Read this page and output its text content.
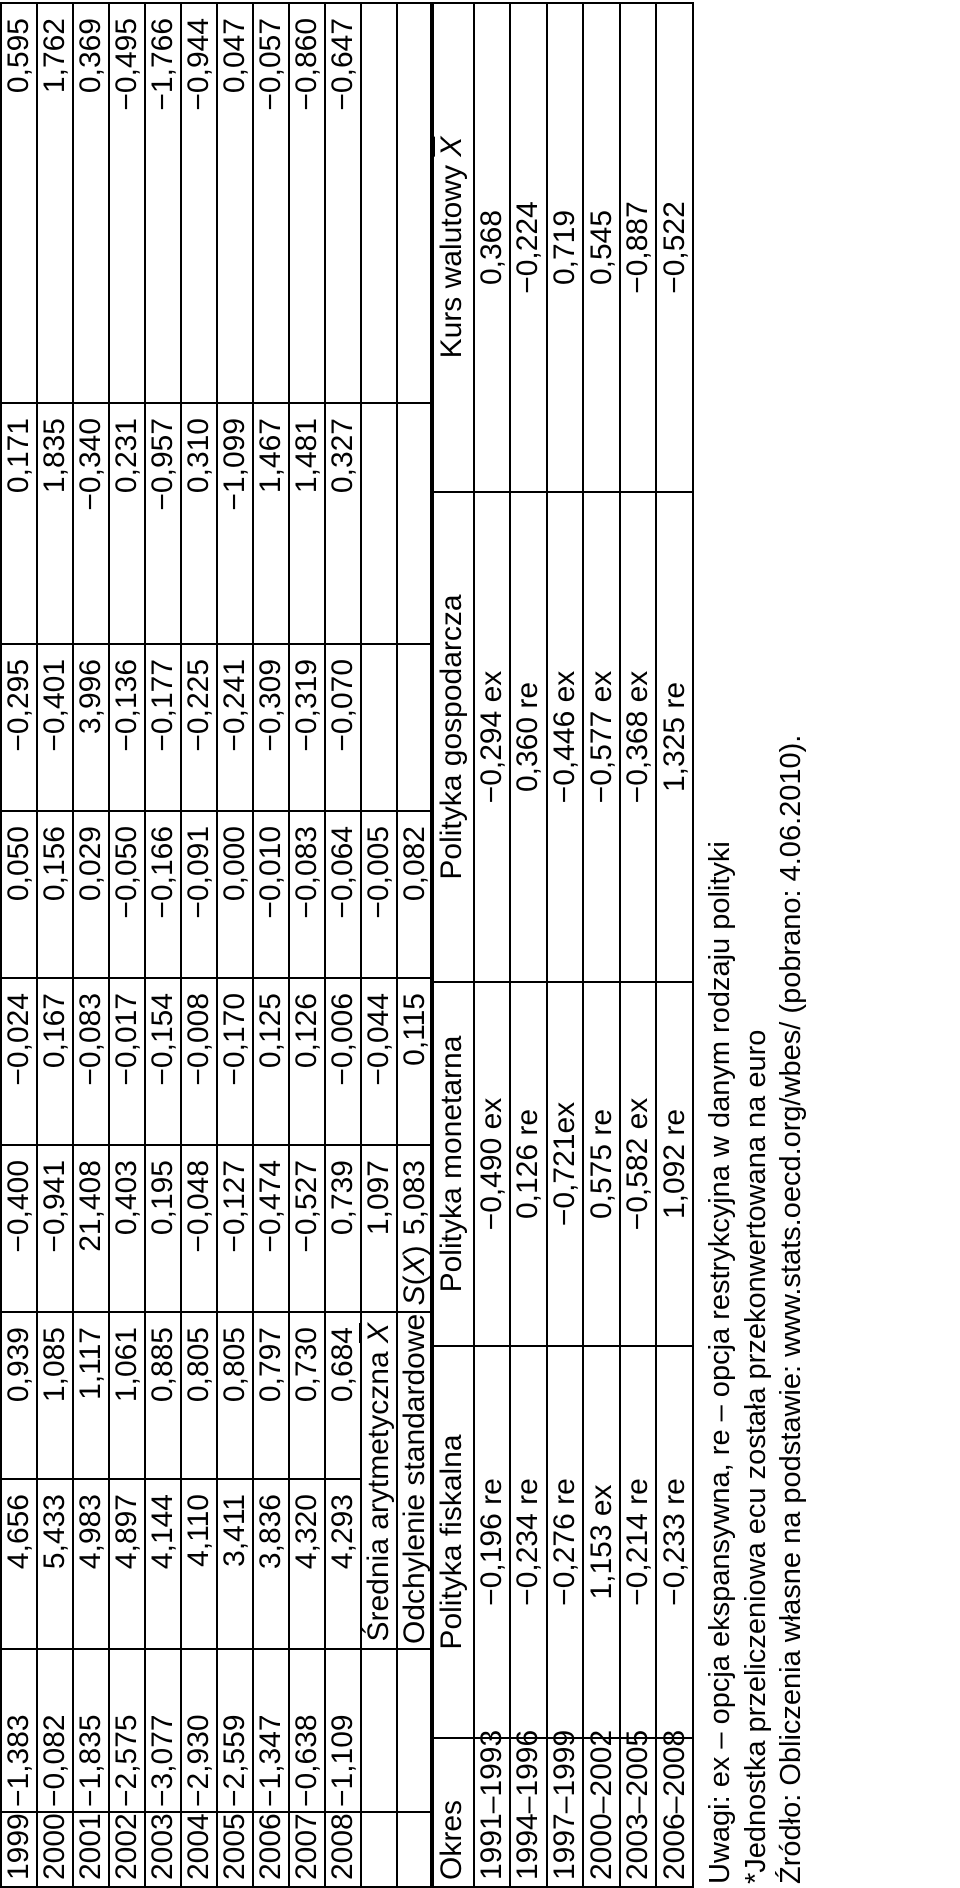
1999	−1,383	4,656	0,939	−0,400	−0,024	0,050	−0,295	0,171	0,595
2000	−0,082	5,433	1,085	−0,941	0,167	0,156	−0,401	1,835	1,762
2001	−1,835	4,983	1,117	21,408	−0,083	0,029	3,996	−0,340	0,369
2002	−2,575	4,897	1,061	0,403	−0,017	−0,050	−0,136	0,231	−0,495
2003	−3,077	4,144	0,885	0,195	−0,154	−0,166	−0,177	−0,957	−1,766
2004	−2,930	4,110	0,805	−0,048	−0,008	−0,091	−0,225	0,310	−0,944
2005	−2,559	3,411	0,805	−0,127	−0,170	0,000	−0,241	−1,099	0,047
2006	−1,347	3,836	0,797	−0,474	0,125	−0,010	−0,309	1,467	−0,057
2007	−0,638	4,320	0,730	−0,527	0,126	−0,083	−0,319	1,481	−0,860
2008	−1,109	4,293	0,684	0,739	−0,006	−0,064	−0,070	0,327	−0,647
		Średnia arytmetyczna $\overline{X}$		1,097	−0,044	−0,005			
		Odchylenie standardowe S(X)		5,083	0,115	0,082			
Okres	Polityka fiskalna	Polityka monetarna	Polityka gospodarcza	Kurs walutowy $\overline{X}$
1991–1993	−0,196 re	−0,490 ex	−0,294 ex	0,368
1994–1996	−0,234 re	0,126 re	0,360 re	−0,224
1997–1999	−0,276 re	−0,721ex	−0,446 ex	0,719
2000–2002	1,153 ex	0,575 re	−0,577 ex	0,545
2003–2005	−0,214 re	−0,582 ex	−0,368 ex	−0,887
2006–2008	−0,233 re	1,092 re	1,325 re	−0,522
Uwagi: ex – opcja ekspansywna, re – opcja restrykcyjna w danym rodzaju polityki *Jednostka przeliczeniowa ecu została przekonwertowana na euro Źródło: Obliczenia własne na podstawie: www.stats.oecd.org/wbes/ (pobrano: 4.06.2010).
